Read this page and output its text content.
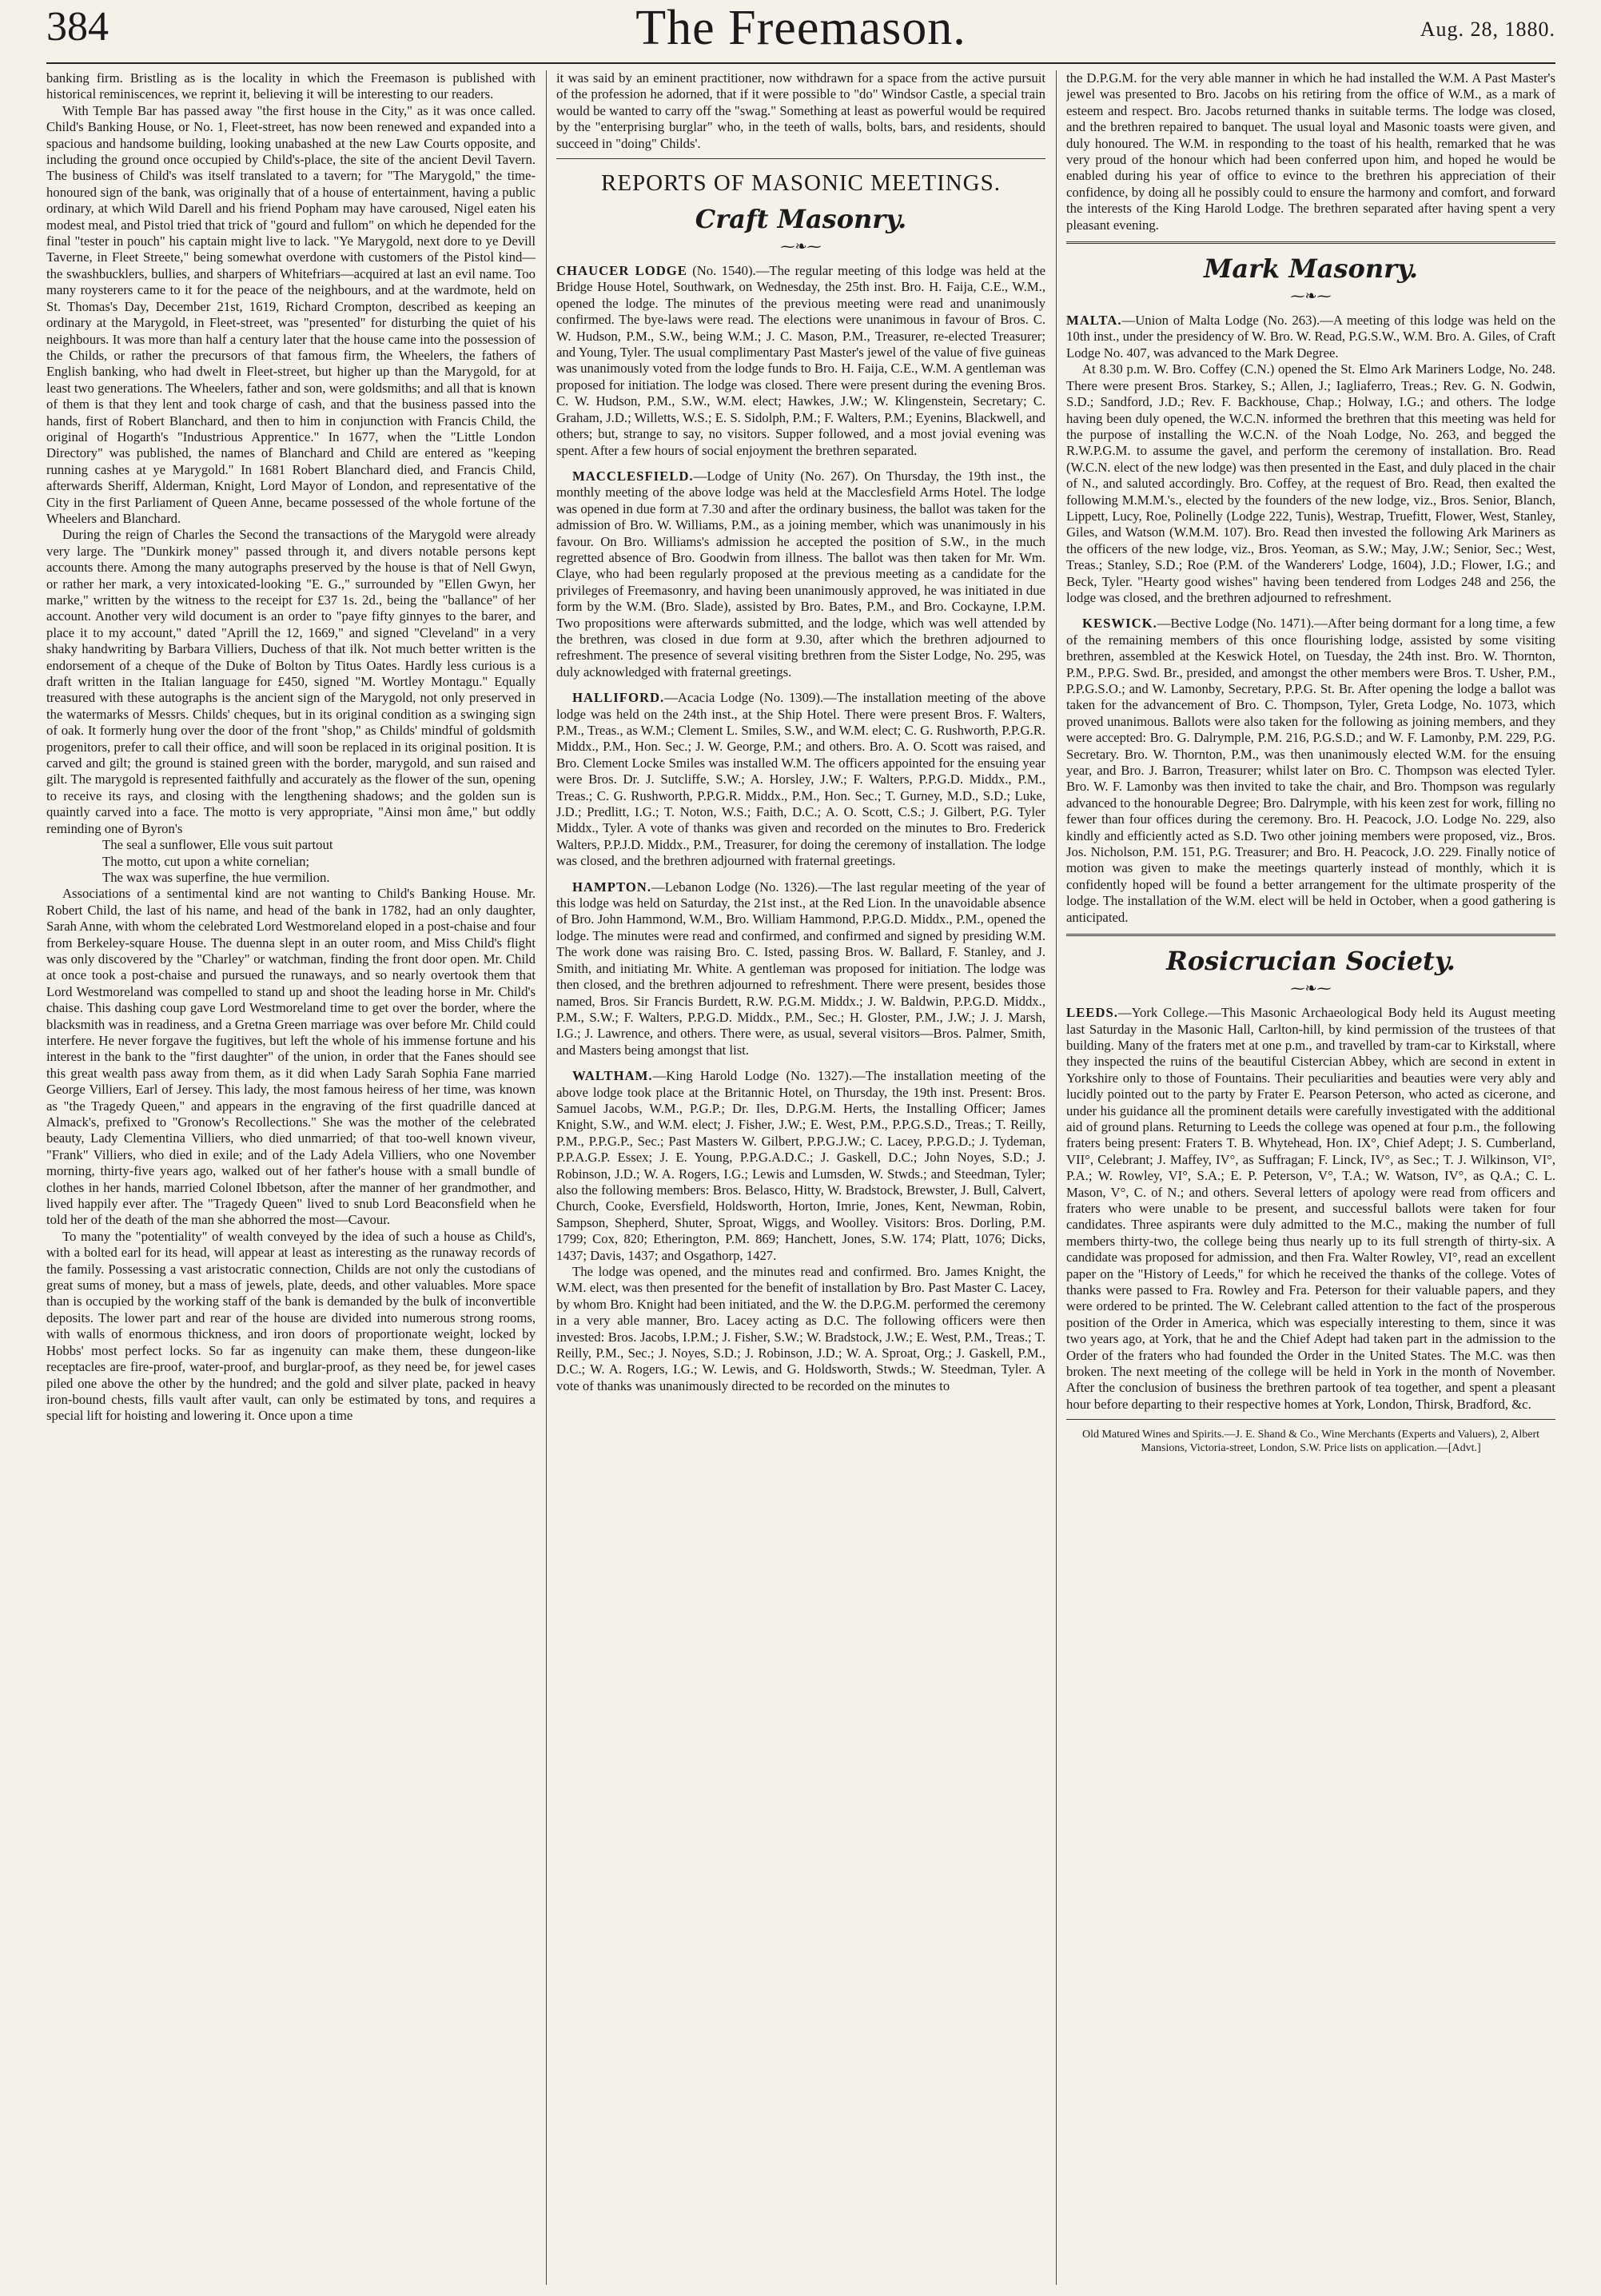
384	The Freemason.	Aug. 28, 1880.

banking firm. Bristling as is the locality in which the Freemason is published with historical reminiscences, we reprint it, believing it will be interesting to our readers.

With Temple Bar has passed away "the first house in the City," as it was once called. Child's Banking House, or No. 1, Fleet-street, has now been renewed and expanded into a spacious and handsome building, looking unabashed at the new Law Courts opposite, and including the ground once occupied by Child's-place, the site of the ancient Devil Tavern. The business of Child's was itself translated to a tavern; for "The Marygold," the time-honoured sign of the bank, was originally that of a house of entertainment, having a public ordinary, at which Wild Darell and his friend Popham may have caroused, Nigel eaten his modest meal, and Pistol tried that trick of "gourd and fullom" on which he depended for the final "tester in pouch" his captain might live to lack. "Ye Marygold, next dore to ye Devill Taverne, in Fleet Streete," being somewhat overdone with customers of the Pistol kind—the swashbucklers, bullies, and sharpers of Whitefriars—acquired at last an evil name. Too many roysterers came to it for the peace of the neighbours, and at the wardmote, held on St. Thomas's Day, December 21st, 1619, Richard Crompton, described as keeping an ordinary at the Marygold, in Fleet-street, was "presented" for disturbing the quiet of his neighbours. It was more than half a century later that the house came into the possession of the Childs, or rather the precursors of that famous firm, the Wheelers, the fathers of English banking, who had dwelt in Fleet-street, but higher up than the Marygold, for at least two generations. The Wheelers, father and son, were goldsmiths; and all that is known of them is that they lent and took charge of cash, and that the business passed into the hands, first of Robert Blanchard, and then to him in conjunction with Francis Child, the original of Hogarth's "Industrious Apprentice." In 1677, when the "Little London Directory" was published, the names of Blanchard and Child are entered as "keeping running cashes at ye Marygold." In 1681 Robert Blanchard died, and Francis Child, afterwards Sheriff, Alderman, Knight, Lord Mayor of London, and representative of the City in the first Parliament of Queen Anne, became possessed of the whole fortune of the Wheelers and Blanchard.

During the reign of Charles the Second the transactions of the Marygold were already very large. The "Dunkirk money" passed through it, and divers notable persons kept accounts there. Among the many autographs preserved by the house is that of Nell Gwyn, or rather her mark, a very intoxicated-looking "E. G.," surrounded by "Ellen Gwyn, her marke," written by the witness to the receipt for £37 1s. 2d., being the "ballance" of her account. Another very wild document is an order to "paye fifty ginnyes to the barer, and place it to my account," dated "Aprill the 12, 1669," and signed "Cleveland" in a very shaky handwriting by Barbara Villiers, Duchess of that ilk. Not much better written is the endorsement of a cheque of the Duke of Bolton by Titus Oates. Hardly less curious is a draft written in the Italian language for £450, signed "M. Wortley Montagu." Equally treasured with these autographs is the ancient sign of the Marygold, not only preserved in the watermarks of Messrs. Childs' cheques, but in its original condition as a swinging sign of oak. It formerly hung over the door of the front "shop," as Childs' mindful of goldsmith progenitors, prefer to call their office, and will soon be replaced in its original position. It is carved and gilt; the ground is stained green with the border, marygold, and sun raised and gilt. The marygold is represented faithfully and accurately as the flower of the sun, opening to receive its rays, and closing with the lengthening shadows; and the golden sun is quaintly carved into a face. The motto is very appropriate, "Ainsi mon âme," but oddly reminding one of Byron's

The seal a sunflower, Elle vous suit partout

The motto, cut upon a white cornelian;

The wax was superfine, the hue vermilion.

Associations of a sentimental kind are not wanting to Child's Banking House. Mr. Robert Child, the last of his name, and head of the bank in 1782, had an only daughter, Sarah Anne, with whom the celebrated Lord Westmoreland eloped in a post-chaise and four from Berkeley-square House. The duenna slept in an outer room, and Miss Child's flight was only discovered by the "Charley" or watchman, finding the front door open. Mr. Child at once took a post-chaise and pursued the runaways, and so nearly overtook them that Lord Westmoreland was compelled to stand up and shoot the leading horse in Mr. Child's chaise. This dashing coup gave Lord Westmoreland time to get over the border, where the blacksmith was in readiness, and a Gretna Green marriage was over before Mr. Child could interfere. He never forgave the fugitives, but left the whole of his immense fortune and his interest in the bank to the "first daughter" of the union, in order that the Fanes should see this great wealth pass away from them, as it did when Lady Sarah Sophia Fane married George Villiers, Earl of Jersey. This lady, the most famous heiress of her time, was known as "the Tragedy Queen," and appears in the engraving of the first quadrille danced at Almack's, prefixed to "Gronow's Recollections." She was the mother of the celebrated beauty, Lady Clementina Villiers, who died unmarried; of that too-well known viveur, "Frank" Villiers, who died in exile; and of the Lady Adela Villiers, who one November morning, thirty-five years ago, walked out of her father's house with a small bundle of clothes in her hands, married Colonel Ibbetson, after the manner of her grandmother, and lived happily ever after. The "Tragedy Queen" lived to snub Lord Beaconsfield when he told her of the death of the man she abhorred the most—Cavour.

To many the "potentiality" of wealth conveyed by the idea of such a house as Child's, with a bolted earl for its head, will appear at least as interesting as the runaway records of the family. Possessing a vast aristocratic connection, Childs are not only the custodians of great sums of money, but a mass of jewels, plate, deeds, and other valuables. More space than is occupied by the working staff of the bank is demanded by the bulk of inconvertible deposits. The lower part and rear of the house are divided into numerous strong rooms, with walls of enormous thickness, and iron doors of proportionate weight, locked by Hobbs' most perfect locks. So far as ingenuity can make them, these dungeon-like receptacles are fire-proof, water-proof, and burglar-proof, as they need be, for jewel cases piled one above the other by the hundred; and the gold and silver plate, packed in heavy iron-bound chests, fills vault after vault, can only be estimated by tons, and requires a special lift for hoisting and lowering it. Once upon a time

it was said by an eminent practitioner, now withdrawn for a space from the active pursuit of the profession he adorned, that if it were possible to "do" Windsor Castle, a special train would be wanted to carry off the "swag." Something at least as powerful would be required by the "enterprising burglar" who, in the teeth of walls, bolts, bars, and residents, should succeed in "doing" Childs'.

REPORTS OF MASONIC MEETINGS.
Craft Masonry.
⁓❧⁓

CHAUCER LODGE (No. 1540).—The regular meeting of this lodge was held at the Bridge House Hotel, Southwark, on Wednesday, the 25th inst. Bro. H. Faija, C.E., W.M., opened the lodge. The minutes of the previous meeting were read and unanimously confirmed. The bye-laws were read. The elections were unanimous in favour of Bros. C. W. Hudson, P.M., S.W., being W.M.; J. C. Mason, P.M., Treasurer, re-elected Treasurer; and Young, Tyler. The usual complimentary Past Master's jewel of the value of five guineas was unanimously voted from the lodge funds to Bro. H. Faija, C.E., W.M. A gentleman was proposed for initiation. The lodge was closed. There were present during the evening Bros. C. W. Hudson, P.M., S.W., W.M. elect; Hawkes, J.W.; W. Klingenstein, Secretary; C. Graham, J.D.; Willetts, W.S.; E. S. Sidolph, P.M.; F. Walters, P.M.; Eyenins, Blackwell, and others; but, strange to say, no visitors. Supper followed, and a most jovial evening was spent. After a few hours of social enjoyment the brethren separated.

MACCLESFIELD.—Lodge of Unity (No. 267). On Thursday, the 19th inst., the monthly meeting of the above lodge was held at the Macclesfield Arms Hotel. The lodge was opened in due form at 7.30 and after the ordinary business, the ballot was taken for the admission of Bro. W. Williams, P.M., as a joining member, which was unanimously in his favour. On Bro. Williams's admission he accepted the position of S.W., in the much regretted absence of Bro. Goodwin from illness. The ballot was then taken for Mr. Wm. Claye, who had been regularly proposed at the previous meeting as a candidate for the privileges of Freemasonry, and having been unanimously approved, he was initiated in due form by the W.M. (Bro. Slade), assisted by Bro. Bates, P.M., and Bro. Cockayne, I.P.M. Two propositions were afterwards submitted, and the lodge, which was well attended by the brethren, was closed in due form at 9.30, after which the brethren adjourned to refreshment. The presence of several visiting brethren from the Sister Lodge, No. 295, was duly acknowledged with fraternal greetings.

HALLIFORD.—Acacia Lodge (No. 1309).—The installation meeting of the above lodge was held on the 24th inst., at the Ship Hotel. There were present Bros. F. Walters, P.M., Treas., as W.M.; Clement L. Smiles, S.W., and W.M. elect; C. G. Rushworth, P.P.G.R. Middx., P.M., Hon. Sec.; J. W. George, P.M.; and others. Bro. A. O. Scott was raised, and Bro. Clement Locke Smiles was installed W.M. The officers appointed for the ensuing year were Bros. Dr. J. Sutcliffe, S.W.; A. Horsley, J.W.; F. Walters, P.P.G.D. Middx., P.M., Treas.; C. G. Rushworth, P.P.G.R. Middx., P.M., Hon. Sec.; T. Gurney, M.D., S.D.; Luke, J.D.; Predlitt, I.G.; T. Noton, W.S.; Faith, D.C.; A. O. Scott, C.S.; J. Gilbert, P.G. Tyler Middx., Tyler. A vote of thanks was given and recorded on the minutes to Bro. Frederick Walters, P.P.J.D. Middx., P.M., Treasurer, for doing the ceremony of installation. The lodge was closed, and the brethren adjourned with fraternal greetings.

HAMPTON.—Lebanon Lodge (No. 1326).—The last regular meeting of the year of this lodge was held on Saturday, the 21st inst., at the Red Lion. In the unavoidable absence of Bro. John Hammond, W.M., Bro. William Hammond, P.P.G.D. Middx., P.M., opened the lodge. The minutes were read and confirmed, and confirmed and signed by presiding W.M. The work done was raising Bro. C. Isted, passing Bros. W. Ballard, F. Stanley, and J. Smith, and initiating Mr. White. A gentleman was proposed for initiation. The lodge was then closed, and the brethren adjourned to refreshment. There were present, besides those named, Bros. Sir Francis Burdett, R.W. P.G.M. Middx.; J. W. Baldwin, P.P.G.D. Middx., P.M., S.W.; F. Walters, P.P.G.D. Middx., P.M., Sec.; H. Gloster, P.M., J.W.; J. J. Marsh, I.G.; J. Lawrence, and others. There were, as usual, several visitors—Bros. Palmer, Smith, and Masters being amongst that list.

WALTHAM.—King Harold Lodge (No. 1327).—The installation meeting of the above lodge took place at the Britannic Hotel, on Thursday, the 19th inst. Present: Bros. Samuel Jacobs, W.M., P.G.P.; Dr. Iles, D.P.G.M. Herts, the Installing Officer; James Knight, S.W., and W.M. elect; J. Fisher, J.W.; E. West, P.M., P.P.G.S.D., Treas.; T. Reilly, P.M., P.P.G.P., Sec.; Past Masters W. Gilbert, P.P.G.J.W.; C. Lacey, P.P.G.D.; J. Tydeman, P.P.A.G.P. Essex; J. E. Young, P.P.G.A.D.C.; J. Gaskell, D.C.; John Noyes, S.D.; J. Robinson, J.D.; W. A. Rogers, I.G.; Lewis and Lumsden, W. Stwds.; and Steedman, Tyler; also the following members: Bros. Belasco, Hitty, W. Bradstock, Brewster, J. Bull, Calvert, Church, Cooke, Eversfield, Holdsworth, Horton, Imrie, Jones, Kent, Newman, Robin, Sampson, Shepherd, Shuter, Sproat, Wiggs, and Woolley. Visitors: Bros. Dorling, P.M. 1799; Cox, 820; Etherington, P.M. 869; Hanchett, Jones, S.W. 174; Platt, 1076; Dicks, 1437; Davis, 1437; and Osgathorp, 1427.

The lodge was opened, and the minutes read and confirmed. Bro. James Knight, the W.M. elect, was then presented for the benefit of installation by Bro. Past Master C. Lacey, by whom Bro. Knight had been initiated, and the W. the D.P.G.M. performed the ceremony in a very able manner, Bro. Lacey acting as D.C. The following officers were then invested: Bros. Jacobs, I.P.M.; J. Fisher, S.W.; W. Bradstock, J.W.; E. West, P.M., Treas.; T. Reilly, P.M., Sec.; J. Noyes, S.D.; J. Robinson, J.D.; W. A. Sproat, Org.; J. Gaskell, P.M., D.C.; W. A. Rogers, I.G.; W. Lewis, and G. Holdsworth, Stwds.; W. Steedman, Tyler. A vote of thanks was unanimously directed to be recorded on the minutes to

the D.P.G.M. for the very able manner in which he had installed the W.M. A Past Master's jewel was presented to Bro. Jacobs on his retiring from the office of W.M., as a mark of esteem and respect. Bro. Jacobs returned thanks in suitable terms. The lodge was closed, and the brethren repaired to banquet. The usual loyal and Masonic toasts were given, and duly honoured. The W.M. in responding to the toast of his health, remarked that he was very proud of the honour which had been conferred upon him, and hoped he would be enabled during his year of office to evince to the brethren his appreciation of their confidence, by doing all he possibly could to ensure the harmony and comfort, and forward the interests of the King Harold Lodge. The brethren separated after having spent a very pleasant evening.

Mark Masonry.
⁓❧⁓

MALTA.—Union of Malta Lodge (No. 263).—A meeting of this lodge was held on the 10th inst., under the presidency of W. Bro. W. Read, P.G.S.W., W.M. Bro. A. Giles, of Craft Lodge No. 407, was advanced to the Mark Degree.

At 8.30 p.m. W. Bro. Coffey (C.N.) opened the St. Elmo Ark Mariners Lodge, No. 248. There were present Bros. Starkey, S.; Allen, J.; Iagliaferro, Treas.; Rev. G. N. Godwin, S.D.; Sandford, J.D.; Rev. F. Backhouse, Chap.; Holway, I.G.; and others. The lodge having been duly opened, the W.C.N. informed the brethren that this meeting was held for the purpose of installing the W.C.N. of the Noah Lodge, No. 263, and begged the R.W.P.G.M. to assume the gavel, and perform the ceremony of installation. Bro. Read (W.C.N. elect of the new lodge) was then presented in the East, and duly placed in the chair of N., and saluted accordingly. Bro. Coffey, at the request of Bro. Read, then exalted the following M.M.M.'s., elected by the founders of the new lodge, viz., Bros. Senior, Blanch, Lippett, Lucy, Roe, Polinelly (Lodge 222, Tunis), Westrap, Truefitt, Flower, West, Stanley, Giles, and Watson (W.M.M. 107). Bro. Read then invested the following Ark Mariners as the officers of the new lodge, viz., Bros. Yeoman, as S.W.; May, J.W.; Senior, Sec.; West, Treas.; Stanley, S.D.; Roe (P.M. of the Wanderers' Lodge, 1604), J.D.; Flower, I.G.; and Beck, Tyler. "Hearty good wishes" having been tendered from Lodges 248 and 256, the lodge was closed, and the brethren adjourned to refreshment.

KESWICK.—Bective Lodge (No. 1471).—After being dormant for a long time, a few of the remaining members of this once flourishing lodge, assisted by some visiting brethren, assembled at the Keswick Hotel, on Tuesday, the 24th inst. Bro. W. Thornton, P.M., P.P.G. Swd. Br., presided, and amongst the other members were Bros. T. Usher, P.M., P.P.G.S.O.; and W. Lamonby, Secretary, P.P.G. St. Br. After opening the lodge a ballot was taken for the advancement of Bro. C. Thompson, Tyler, Greta Lodge, No. 1073, which proved unanimous. Ballots were also taken for the following as joining members, and they were accepted: Bro. G. Dalrymple, P.M. 216, P.G.S.D.; and W. F. Lamonby, P.M. 229, P.G. Secretary. Bro. W. Thornton, P.M., was then unanimously elected W.M. for the ensuing year, and Bro. J. Barron, Treasurer; whilst later on Bro. C. Thompson was elected Tyler. Bro. W. F. Lamonby was then invited to take the chair, and Bro. Thompson was regularly advanced to the honourable Degree; Bro. Dalrymple, with his keen zest for work, filling no fewer than four offices during the ceremony. Bro. H. Peacock, J.O. Lodge No. 229, also kindly and efficiently acted as S.D. Two other joining members were proposed, viz., Bros. Jos. Nicholson, P.M. 151, P.G. Treasurer; and Bro. H. Peacock, J.O. 229. Finally notice of motion was given to make the meetings quarterly instead of monthly, which it is confidently hoped will be found a better arrangement for the ultimate prosperity of the lodge. The installation of the W.M. elect will be held in October, when a good gathering is anticipated.

Rosicrucian Society.
⁓❧⁓

LEEDS.—York College.—This Masonic Archaeological Body held its August meeting last Saturday in the Masonic Hall, Carlton-hill, by kind permission of the trustees of that building. Many of the fraters met at one p.m., and travelled by tram-car to Kirkstall, where they inspected the ruins of the beautiful Cistercian Abbey, which are second in extent in Yorkshire only to those of Fountains. Their peculiarities and beauties were very ably and lucidly pointed out to the party by Frater E. Pearson Peterson, who acted as cicerone, and under his guidance all the prominent details were carefully investigated with the additional aid of ground plans. Returning to Leeds the college was opened at four p.m., the following fraters being present: Fraters T. B. Whytehead, Hon. IX°, Chief Adept; J. S. Cumberland, VII°, Celebrant; J. Maffey, IV°, as Suffragan; F. Linck, IV°, as Sec.; T. J. Wilkinson, VI°, P.A.; W. Rowley, VI°, S.A.; E. P. Peterson, V°, T.A.; W. Watson, IV°, as Q.A.; C. L. Mason, V°, C. of N.; and others. Several letters of apology were read from officers and fraters who were unable to be present, and successful ballots were taken for four candidates. Three aspirants were duly admitted to the M.C., making the number of full members thirty-two, the college being thus nearly up to its full strength of thirty-six. A candidate was proposed for admission, and then Fra. Walter Rowley, VI°, read an excellent paper on the "History of Leeds," for which he received the thanks of the college. Votes of thanks were passed to Fra. Rowley and Fra. Peterson for their valuable papers, and they were ordered to be printed. The W. Celebrant called attention to the fact of the prosperous position of the Order in America, which was especially interesting to them, since it was two years ago, at York, that he and the Chief Adept had taken part in the admission to the Order of the fraters who had founded the Order in the United States. The M.C. was then broken. The next meeting of the college will be held in York in the month of November. After the conclusion of business the brethren partook of tea together, and spent a pleasant hour before departing to their respective homes at York, London, Thirsk, Bradford, &c.

Old Matured Wines and Spirits.—J. E. Shand & Co., Wine Merchants (Experts and Valuers), 2, Albert Mansions, Victoria-street, London, S.W. Price lists on application.—[Advt.]
